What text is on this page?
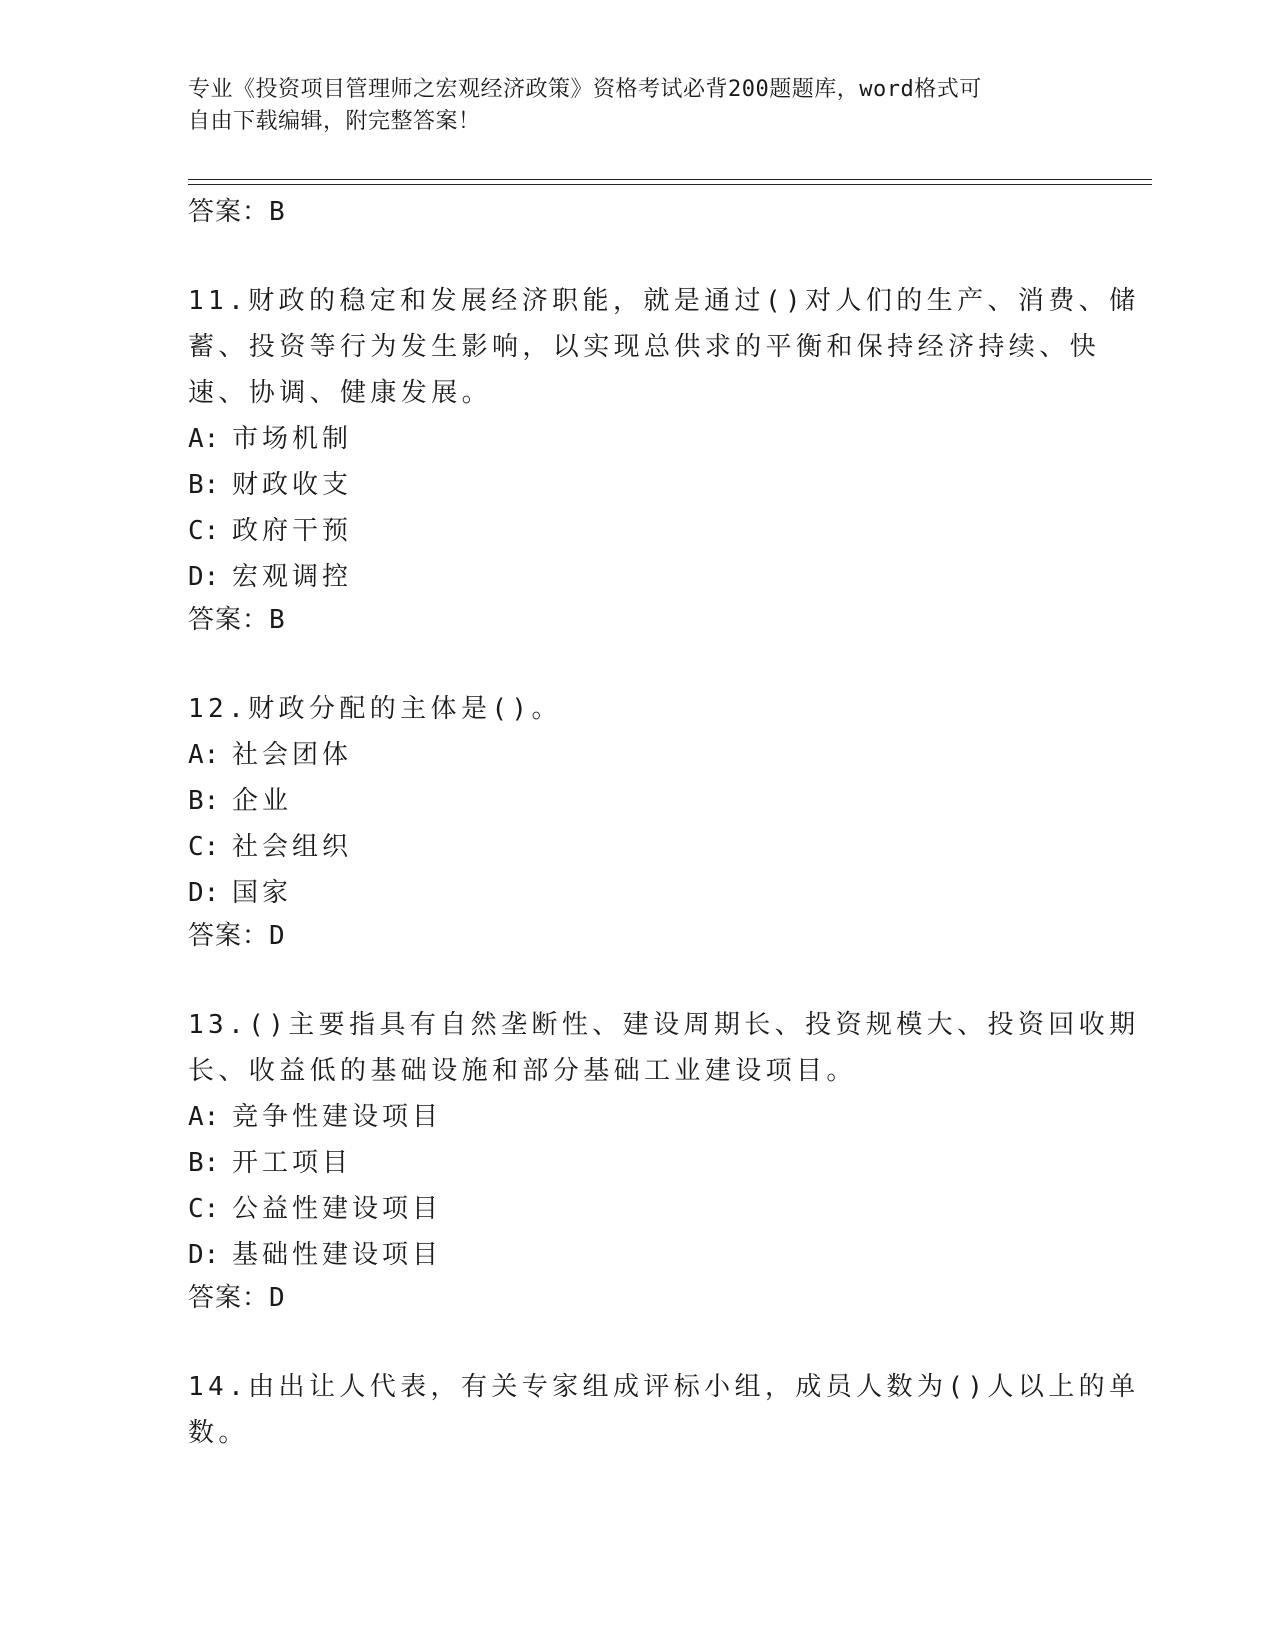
专业《投资项目管理师之宏观经济政策》资格考试必背200题题库，word格式可
自由下载编辑，附完整答案！
答案：B
11.财政的稳定和发展经济职能，就是通过()对人们的生产、消费、储
蓄、投资等行为发生影响，以实现总供求的平衡和保持经济持续、快
速、协调、健康发展。
A: 市场机制
B: 财政收支
C: 政府干预
D: 宏观调控
答案：B
12.财政分配的主体是()。
A: 社会团体
B: 企业
C: 社会组织
D: 国家
答案：D
13.()主要指具有自然垄断性、建设周期长、投资规模大、投资回收期
长、收益低的基础设施和部分基础工业建设项目。
A: 竞争性建设项目
B: 开工项目
C: 公益性建设项目
D: 基础性建设项目
答案：D
14.由出让人代表，有关专家组成评标小组，成员人数为()人以上的单
数。
